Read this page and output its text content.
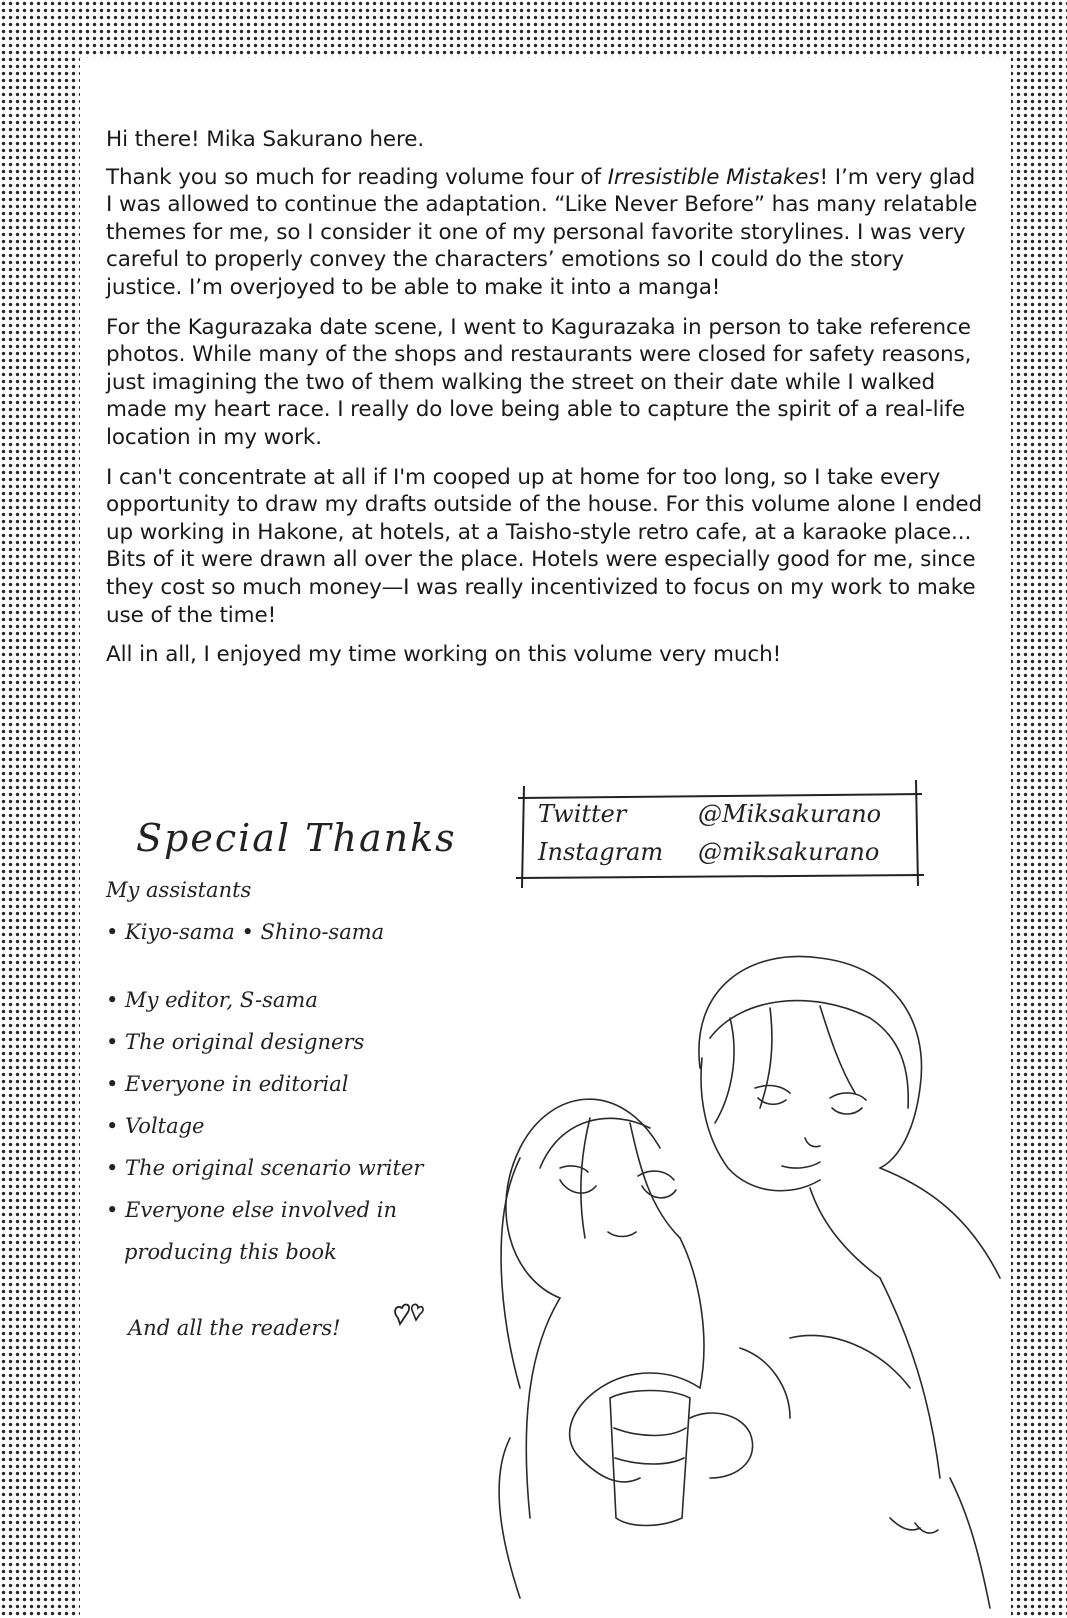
Hi there! Mika Sakurano here.

Thank you so much for reading volume four of Irresistible Mistakes! I’m very glad I was allowed to continue the adaptation. “Like Never Before” has many relatable themes for me, so I consider it one of my personal favorite storylines. I was very careful to properly convey the characters’ emotions so I could do the story justice. I’m overjoyed to be able to make it into a manga!

For the Kagurazaka date scene, I went to Kagurazaka in person to take reference photos. While many of the shops and restaurants were closed for safety reasons, just imagining the two of them walking the street on their date while I walked made my heart race. I really do love being able to capture the spirit of a real-life location in my work.

I can't concentrate at all if I'm cooped up at home for too long, so I take every opportunity to draw my drafts outside of the house. For this volume alone I ended up working in Hakone, at hotels, at a Taisho-style retro cafe, at a karaoke place... Bits of it were drawn all over the place. Hotels were especially good for me, since they cost so much money—I was really incentivized to focus on my work to make use of the time!

All in all, I enjoyed my time working on this volume very much!

Twitter	@Miksakurano
Instagram @miksakurano
Special Thanks
My assistants
• Kiyo-sama • Shino-sama
• My editor, S-sama
• The original designers
• Everyone in editorial
• Voltage
• The original scenario writer
• Everyone else involved in
producing this book
And all the readers!
